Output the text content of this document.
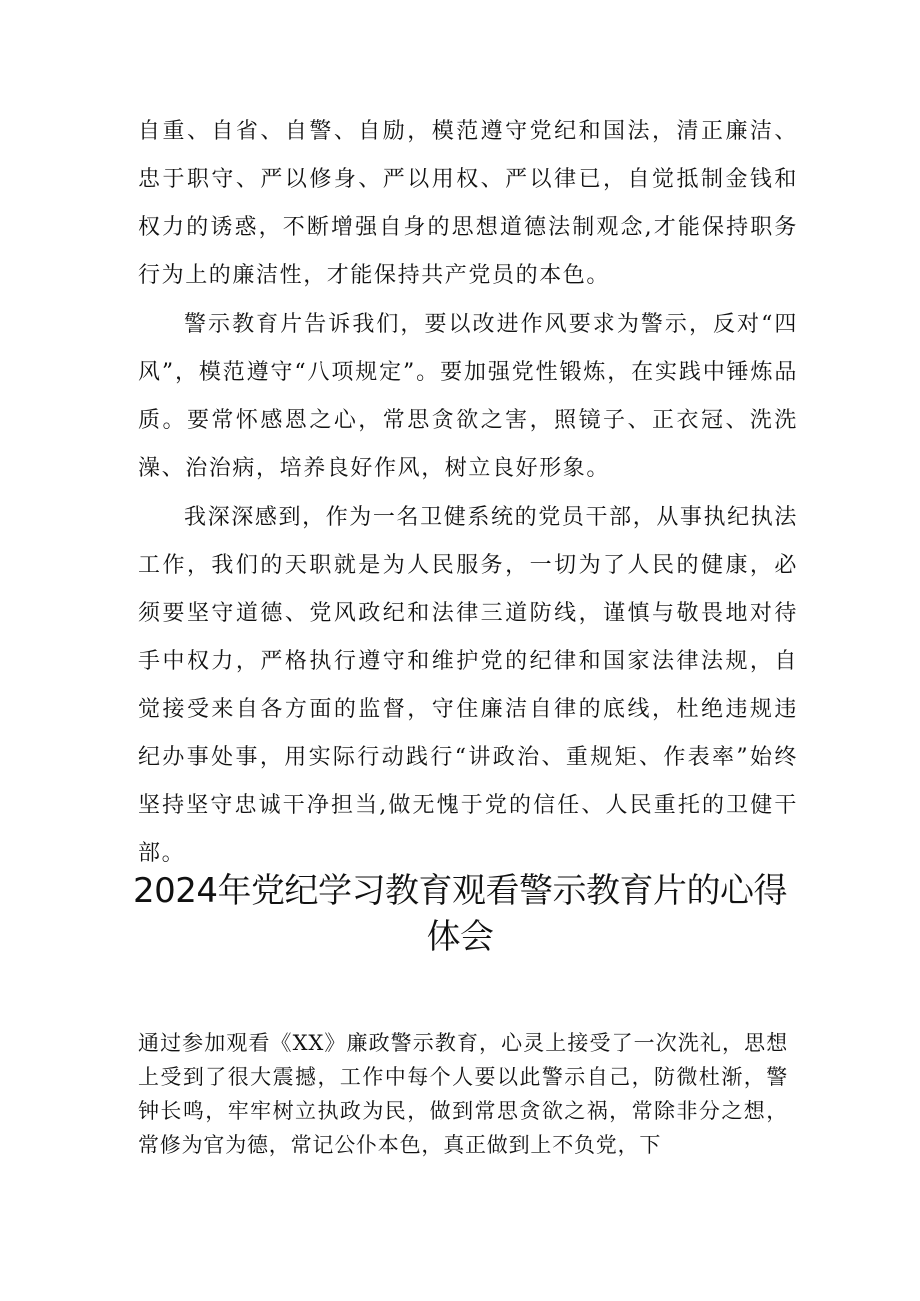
自重、自省、自警、自励，模范遵守党纪和国法，清正廉洁、忠于职守、严以修身、严以用权、严以律已，自觉抵制金钱和权力的诱惑，不断增强自身的思想道德法制观念,才能保持职务行为上的廉洁性，才能保持共产党员的本色。

警示教育片告诉我们，要以改进作风要求为警示，反对“四风”，模范遵守“八项规定”。要加强党性锻炼，在实践中锤炼品质。要常怀感恩之心，常思贪欲之害，照镜子、正衣冠、洗洗澡、治治病，培养良好作风，树立良好形象。

我深深感到，作为一名卫健系统的党员干部，从事执纪执法工作，我们的天职就是为人民服务，一切为了人民的健康，必须要坚守道德、党风政纪和法律三道防线，谨慎与敬畏地对待手中权力，严格执行遵守和维护党的纪律和国家法律法规，自觉接受来自各方面的监督，守住廉洁自律的底线，杜绝违规违纪办事处事，用实际行动践行“讲政治、重规矩、作表率”始终坚持坚守忠诚干净担当,做无愧于党的信任、人民重托的卫健干部。

2024年党纪学习教育观看警示教育片的心得体会

通过参加观看《XX》廉政警示教育，心灵上接受了一次洗礼，思想上受到了很大震撼，工作中每个人要以此警示自己，防微杜渐，警钟长鸣，牢牢树立执政为民，做到常思贪欲之祸，常除非分之想，常修为官为德，常记公仆本色，真正做到上不负党，下
